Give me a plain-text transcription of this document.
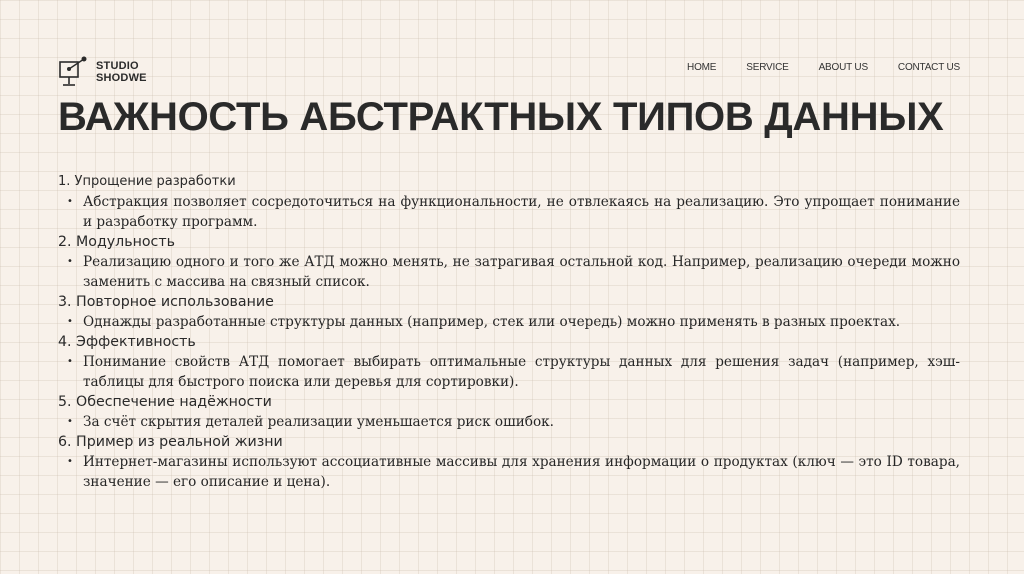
STUDIO
SHODWE
HOME	SERVICE	ABOUT US	CONTACT US
ВАЖНОСТЬ АБСТРАКТНЫХ ТИПОВ ДАННЫХ

1. Упрощение разработки

• Абстракция позволяет сосредоточиться на функциональности, не отвлекаясь на реализацию. Это упрощает понимание и разработку программ.

2. Модульность

• Реализацию одного и того же АТД можно менять, не затрагивая остальной код. Например, реализацию очереди можно заменить с массива на связный список.

3. Повторное использование

• Однажды разработанные структуры данных (например, стек или очередь) можно применять в разных проектах.

4. Эффективность

• Понимание свойств АТД помогает выбирать оптимальные структуры данных для решения задач (например, хэш-таблицы для быстрого поиска или деревья для сортировки).

5. Обеспечение надёжности

• За счёт скрытия деталей реализации уменьшается риск ошибок.

6. Пример из реальной жизни

• Интернет-магазины используют ассоциативные массивы для хранения информации о продуктах (ключ — это ID товара, значение — его описание и цена).
